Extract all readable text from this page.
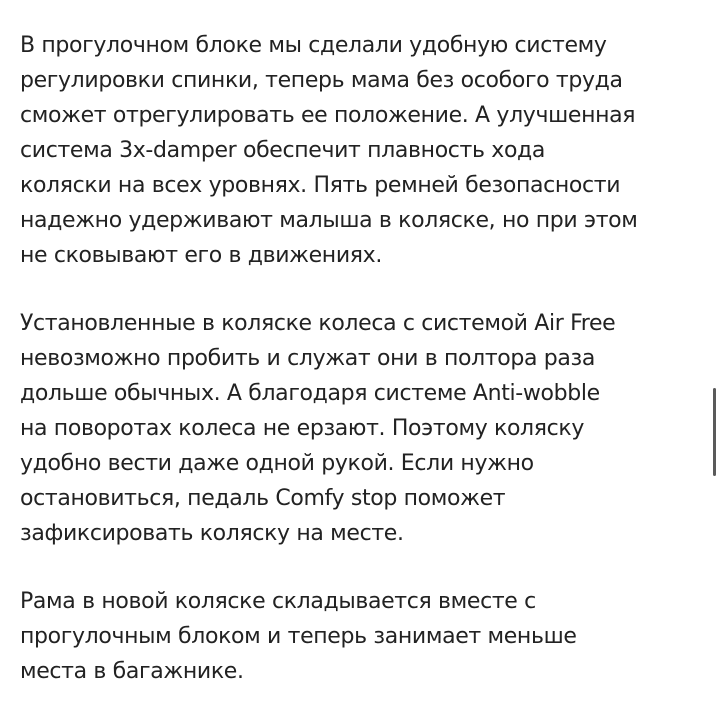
В прогулочном блоке мы сделали удобную систему
регулировки спинки, теперь мама без особого труда
сможет отрегулировать ее положение. А улучшенная
система 3x-damper обеспечит плавность хода
коляски на всех уровнях. Пять ремней безопасности
надежно удерживают малыша в коляске, но при этом
не сковывают его в движениях.

Установленные в коляске колеса с системой Air Free
невозможно пробить и служат они в полтора раза
дольше обычных. А благодаря системе Anti-wobble
на поворотах колеса не ерзают. Поэтому коляску
удобно вести даже одной рукой. Если нужно
остановиться, педаль Comfy stop поможет
зафиксировать коляску на месте.

Рама в новой коляске складывается вместе с
прогулочным блоком и теперь занимает меньше
места в багажнике.
